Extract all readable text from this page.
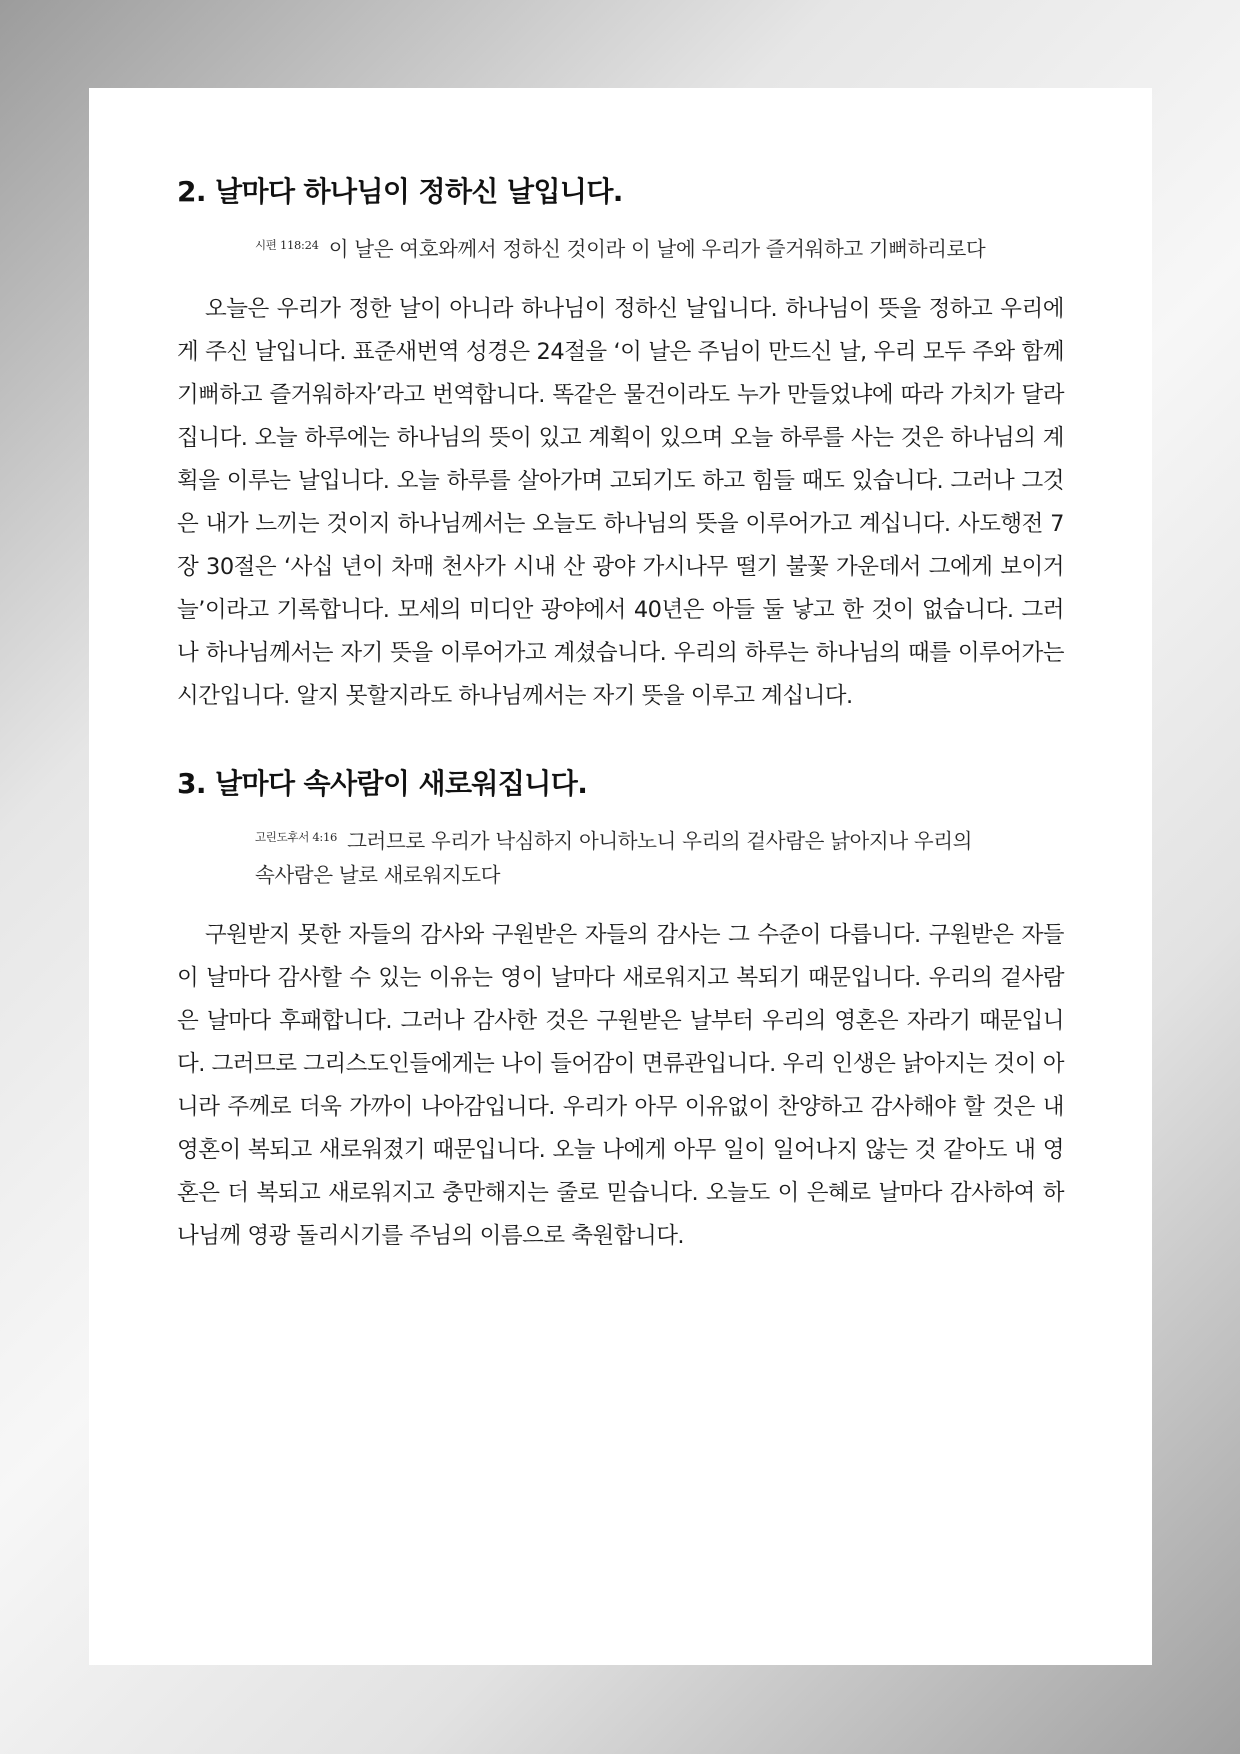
2. 날마다 하나님이 정하신 날입니다.

$^{시편 118:24}$ 이 날은 여호와께서 정하신 것이라 이 날에 우리가 즐거워하고 기뻐하리로다

오늘은 우리가 정한 날이 아니라 하나님이 정하신 날입니다. 하나님이 뜻을 정하고 우리에게 주신 날입니다. 표준새번역 성경은 24절을 ‘이 날은 주님이 만드신 날, 우리 모두 주와 함께 기뻐하고 즐거워하자’라고 번역합니다. 똑같은 물건이라도 누가 만들었냐에 따라 가치가 달라집니다. 오늘 하루에는 하나님의 뜻이 있고 계획이 있으며 오늘 하루를 사는 것은 하나님의 계획을 이루는 날입니다. 오늘 하루를 살아가며 고되기도 하고 힘들 때도 있습니다. 그러나 그것은 내가 느끼는 것이지 하나님께서는 오늘도 하나님의 뜻을 이루어가고 계십니다. 사도행전 7장 30절은 ‘사십 년이 차매 천사가 시내 산 광야 가시나무 떨기 불꽃 가운데서 그에게 보이거늘’이라고 기록합니다. 모세의 미디안 광야에서 40년은 아들 둘 낳고 한 것이 없습니다. 그러나 하나님께서는 자기 뜻을 이루어가고 계셨습니다. 우리의 하루는 하나님의 때를 이루어가는 시간입니다. 알지 못할지라도 하나님께서는 자기 뜻을 이루고 계십니다.

3. 날마다 속사람이 새로워집니다.

$^{고린도후서 4:16}$ 그러므로 우리가 낙심하지 아니하노니 우리의 겉사람은 낡아지나 우리의 속사람은 날로 새로워지도다

구원받지 못한 자들의 감사와 구원받은 자들의 감사는 그 수준이 다릅니다. 구원받은 자들이 날마다 감사할 수 있는 이유는 영이 날마다 새로워지고 복되기 때문입니다. 우리의 겉사람은 날마다 후패합니다. 그러나 감사한 것은 구원받은 날부터 우리의 영혼은 자라기 때문입니다. 그러므로 그리스도인들에게는 나이 들어감이 면류관입니다. 우리 인생은 낡아지는 것이 아니라 주께로 더욱 가까이 나아감입니다. 우리가 아무 이유없이 찬양하고 감사해야 할 것은 내 영혼이 복되고 새로워졌기 때문입니다. 오늘 나에게 아무 일이 일어나지 않는 것 같아도 내 영혼은 더 복되고 새로워지고 충만해지는 줄로 믿습니다. 오늘도 이 은혜로 날마다 감사하여 하나님께 영광 돌리시기를 주님의 이름으로 축원합니다.
